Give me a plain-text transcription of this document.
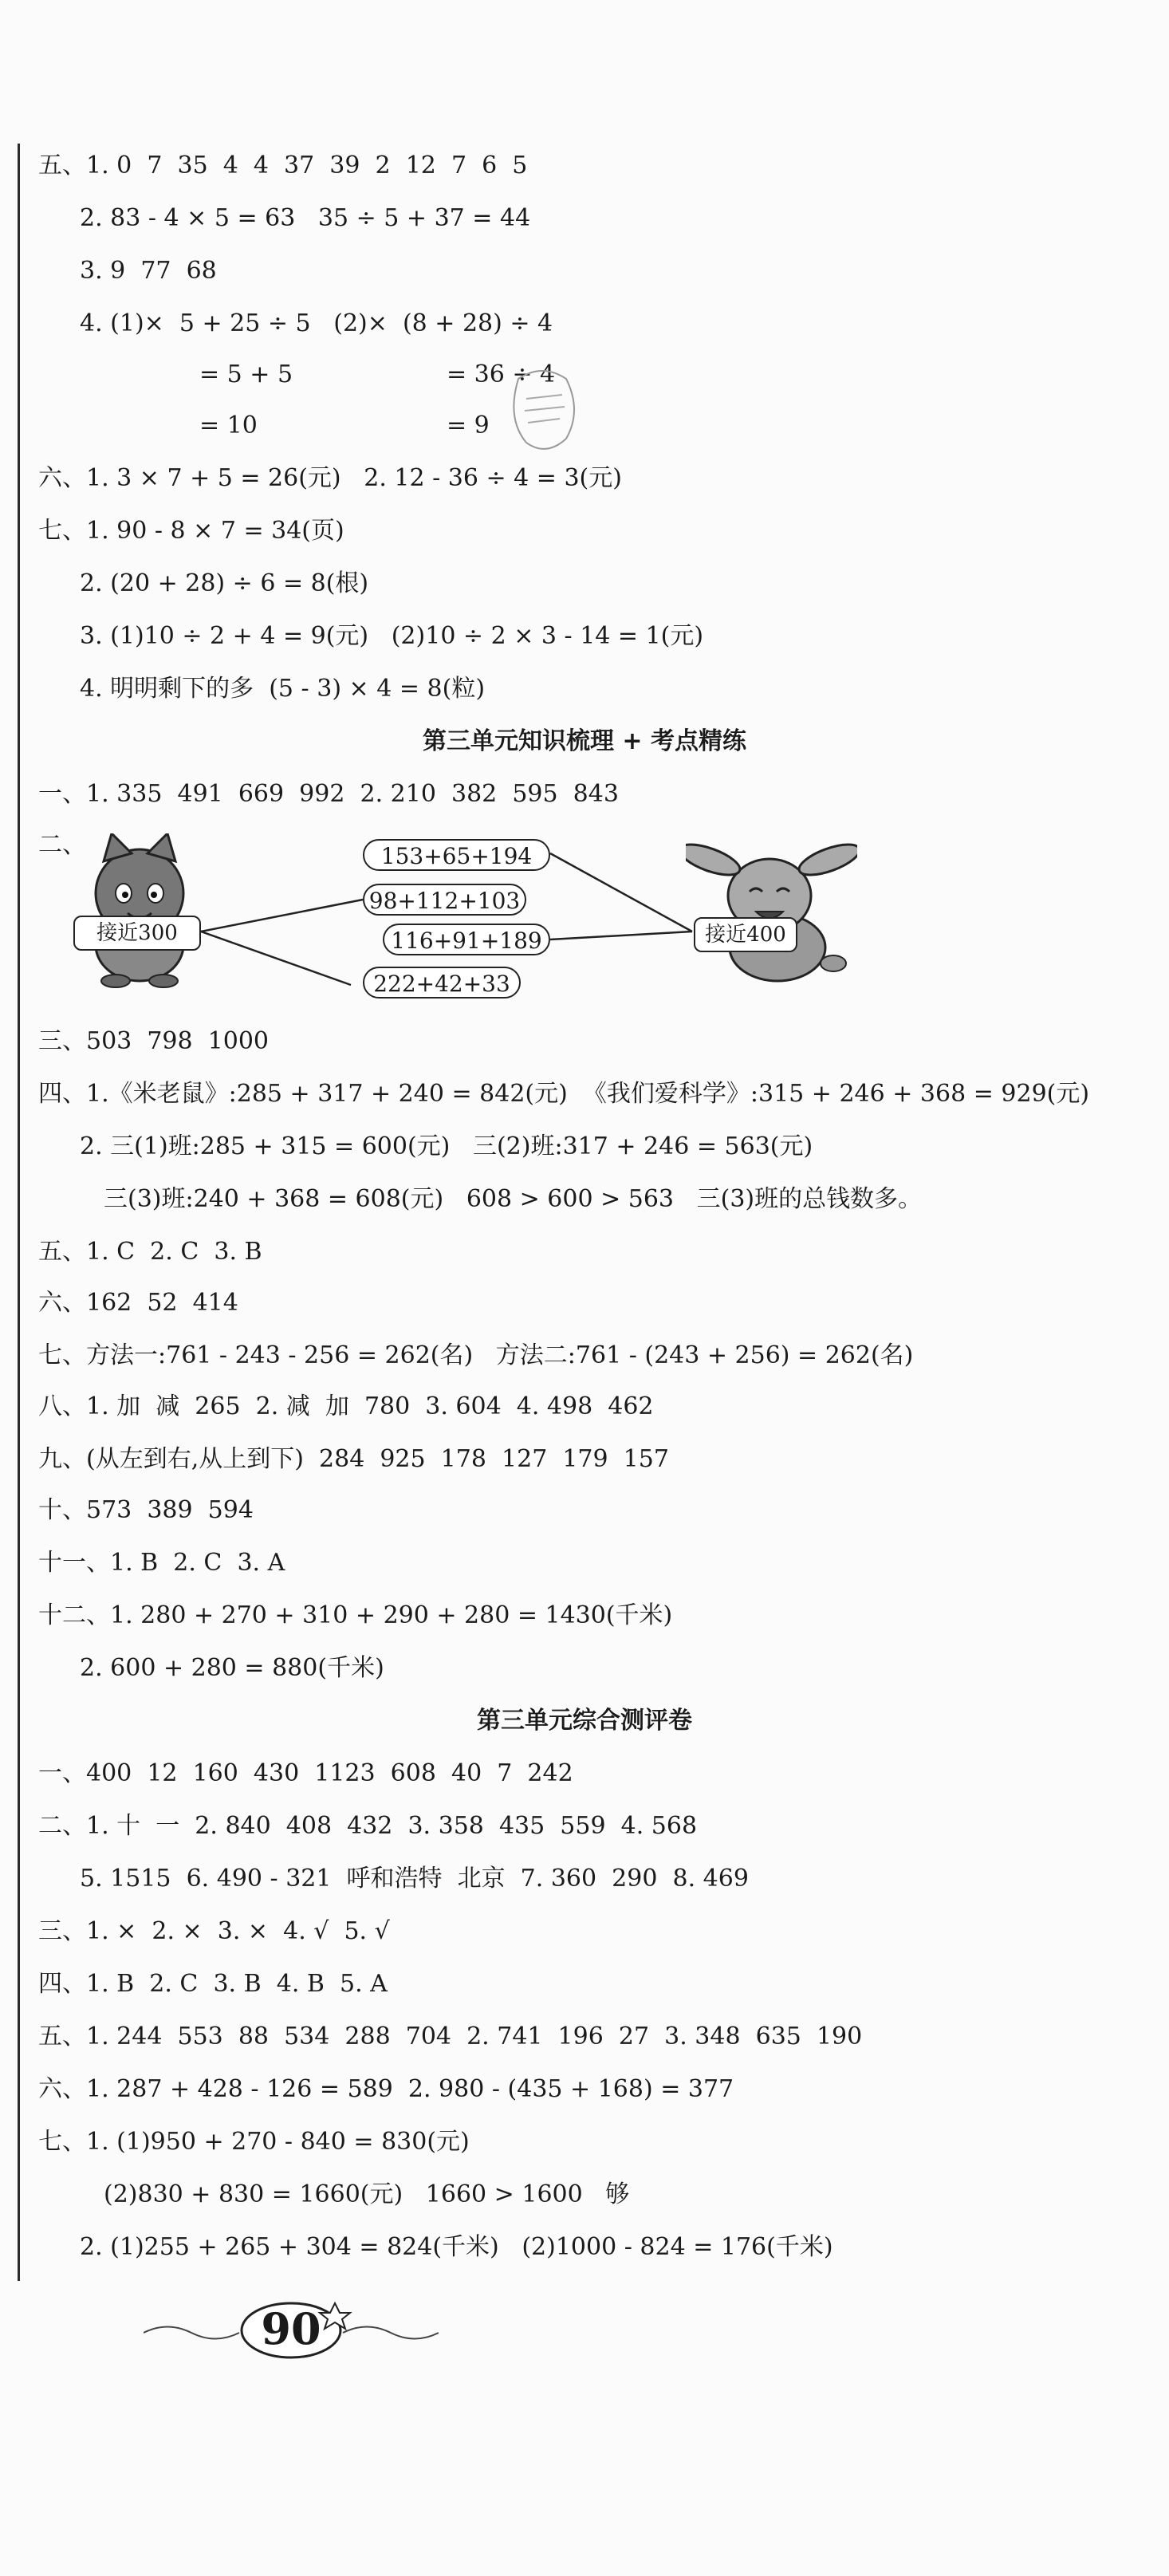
五、1. 0  7  35  4  4  37  39  2  12  7  6  5
2. 83 - 4 × 5 = 63   35 ÷ 5 + 37 = 44
3. 9  77  68
4. (1)×  5 + 25 ÷ 5   (2)×  (8 + 28) ÷ 4
= 5 + 5	= 36 ÷ 4
= 10	= 9
六、1. 3 × 7 + 5 = 26(元)   2. 12 - 36 ÷ 4 = 3(元)
七、1. 90 - 8 × 7 = 34(页)
2. (20 + 28) ÷ 6 = 8(根)
3. (1)10 ÷ 2 + 4 = 9(元)   (2)10 ÷ 2 × 3 - 14 = 1(元)
4. 明明剩下的多  (5 - 3) × 4 = 8(粒)
第三单元知识梳理 + 考点精练
一、1. 335  491  669  992  2. 210  382  595  843
二、
接近300
153+65+194
98+112+103
116+91+189
222+42+33
接近400
三、503  798  1000
四、1.《米老鼠》:285 + 317 + 240 = 842(元)  《我们爱科学》:315 + 246 + 368 = 929(元)
2. 三(1)班:285 + 315 = 600(元)   三(2)班:317 + 246 = 563(元)
三(3)班:240 + 368 = 608(元)   608 > 600 > 563   三(3)班的总钱数多。
五、1. C  2. C  3. B
六、162  52  414
七、方法一:761 - 243 - 256 = 262(名)   方法二:761 - (243 + 256) = 262(名)
八、1. 加  减  265  2. 减  加  780  3. 604  4. 498  462
九、(从左到右,从上到下)  284  925  178  127  179  157
十、573  389  594
十一、1. B  2. C  3. A
十二、1. 280 + 270 + 310 + 290 + 280 = 1430(千米)
2. 600 + 280 = 880(千米)
第三单元综合测评卷
一、400  12  160  430  1123  608  40  7  242
二、1. 十  一  2. 840  408  432  3. 358  435  559  4. 568
5. 1515  6. 490 - 321  呼和浩特  北京  7. 360  290  8. 469
三、1. ×  2. ×  3. ×  4. √  5. √
四、1. B  2. C  3. B  4. B  5. A
五、1. 244  553  88  534  288  704  2. 741  196  27  3. 348  635  190
六、1. 287 + 428 - 126 = 589  2. 980 - (435 + 168) = 377
七、1. (1)950 + 270 - 840 = 830(元)
(2)830 + 830 = 1660(元)   1660 > 1600   够
2. (1)255 + 265 + 304 = 824(千米)   (2)1000 - 824 = 176(千米)
90
